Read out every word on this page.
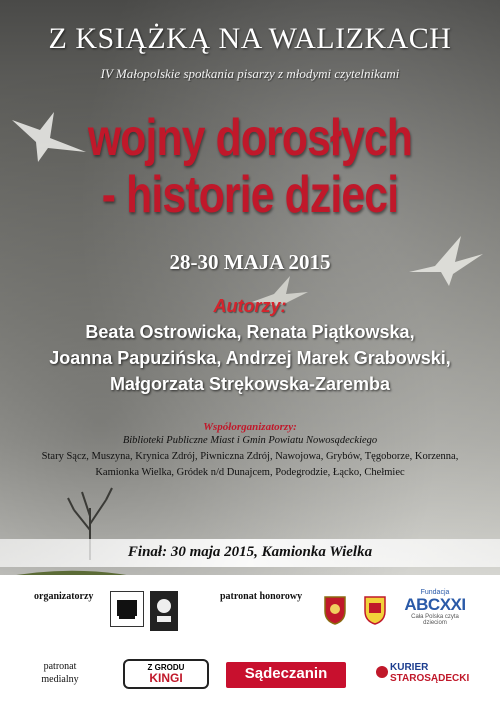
Z KSIĄŻKĄ NA WALIZKACH
IV Małopolskie spotkania pisarzy z młodymi czytelnikami
wojny dorosłych
- historie dzieci
28-30 MAJA 2015
Autorzy:
Beata Ostrowicka, Renata Piątkowska,
Joanna Papuzińska, Andrzej Marek Grabowski,
Małgorzata Strękowska-Zaremba
Współorganizatorzy:
Biblioteki Publiczne Miast i Gmin Powiatu Nowosądeckiego
Stary Sącz, Muszyna, Krynica Zdrój, Piwniczna Zdrój, Nawojowa, Grybów, Tęgoborze, Korzenna,
Kamionka Wielka, Gródek n/d Dunajcem, Podegrodzie, Łącko, Chełmiec
Finał: 30 maja 2015, Kamionka Wielka
organizatorzy	patronat honorowy	Fundacja
ABCXXI
Cała Polska czyta dzieciom
patronat
medialny
Z GRODU
KINGI	Sądeczanin	KURIER
STAROSĄDECKI
